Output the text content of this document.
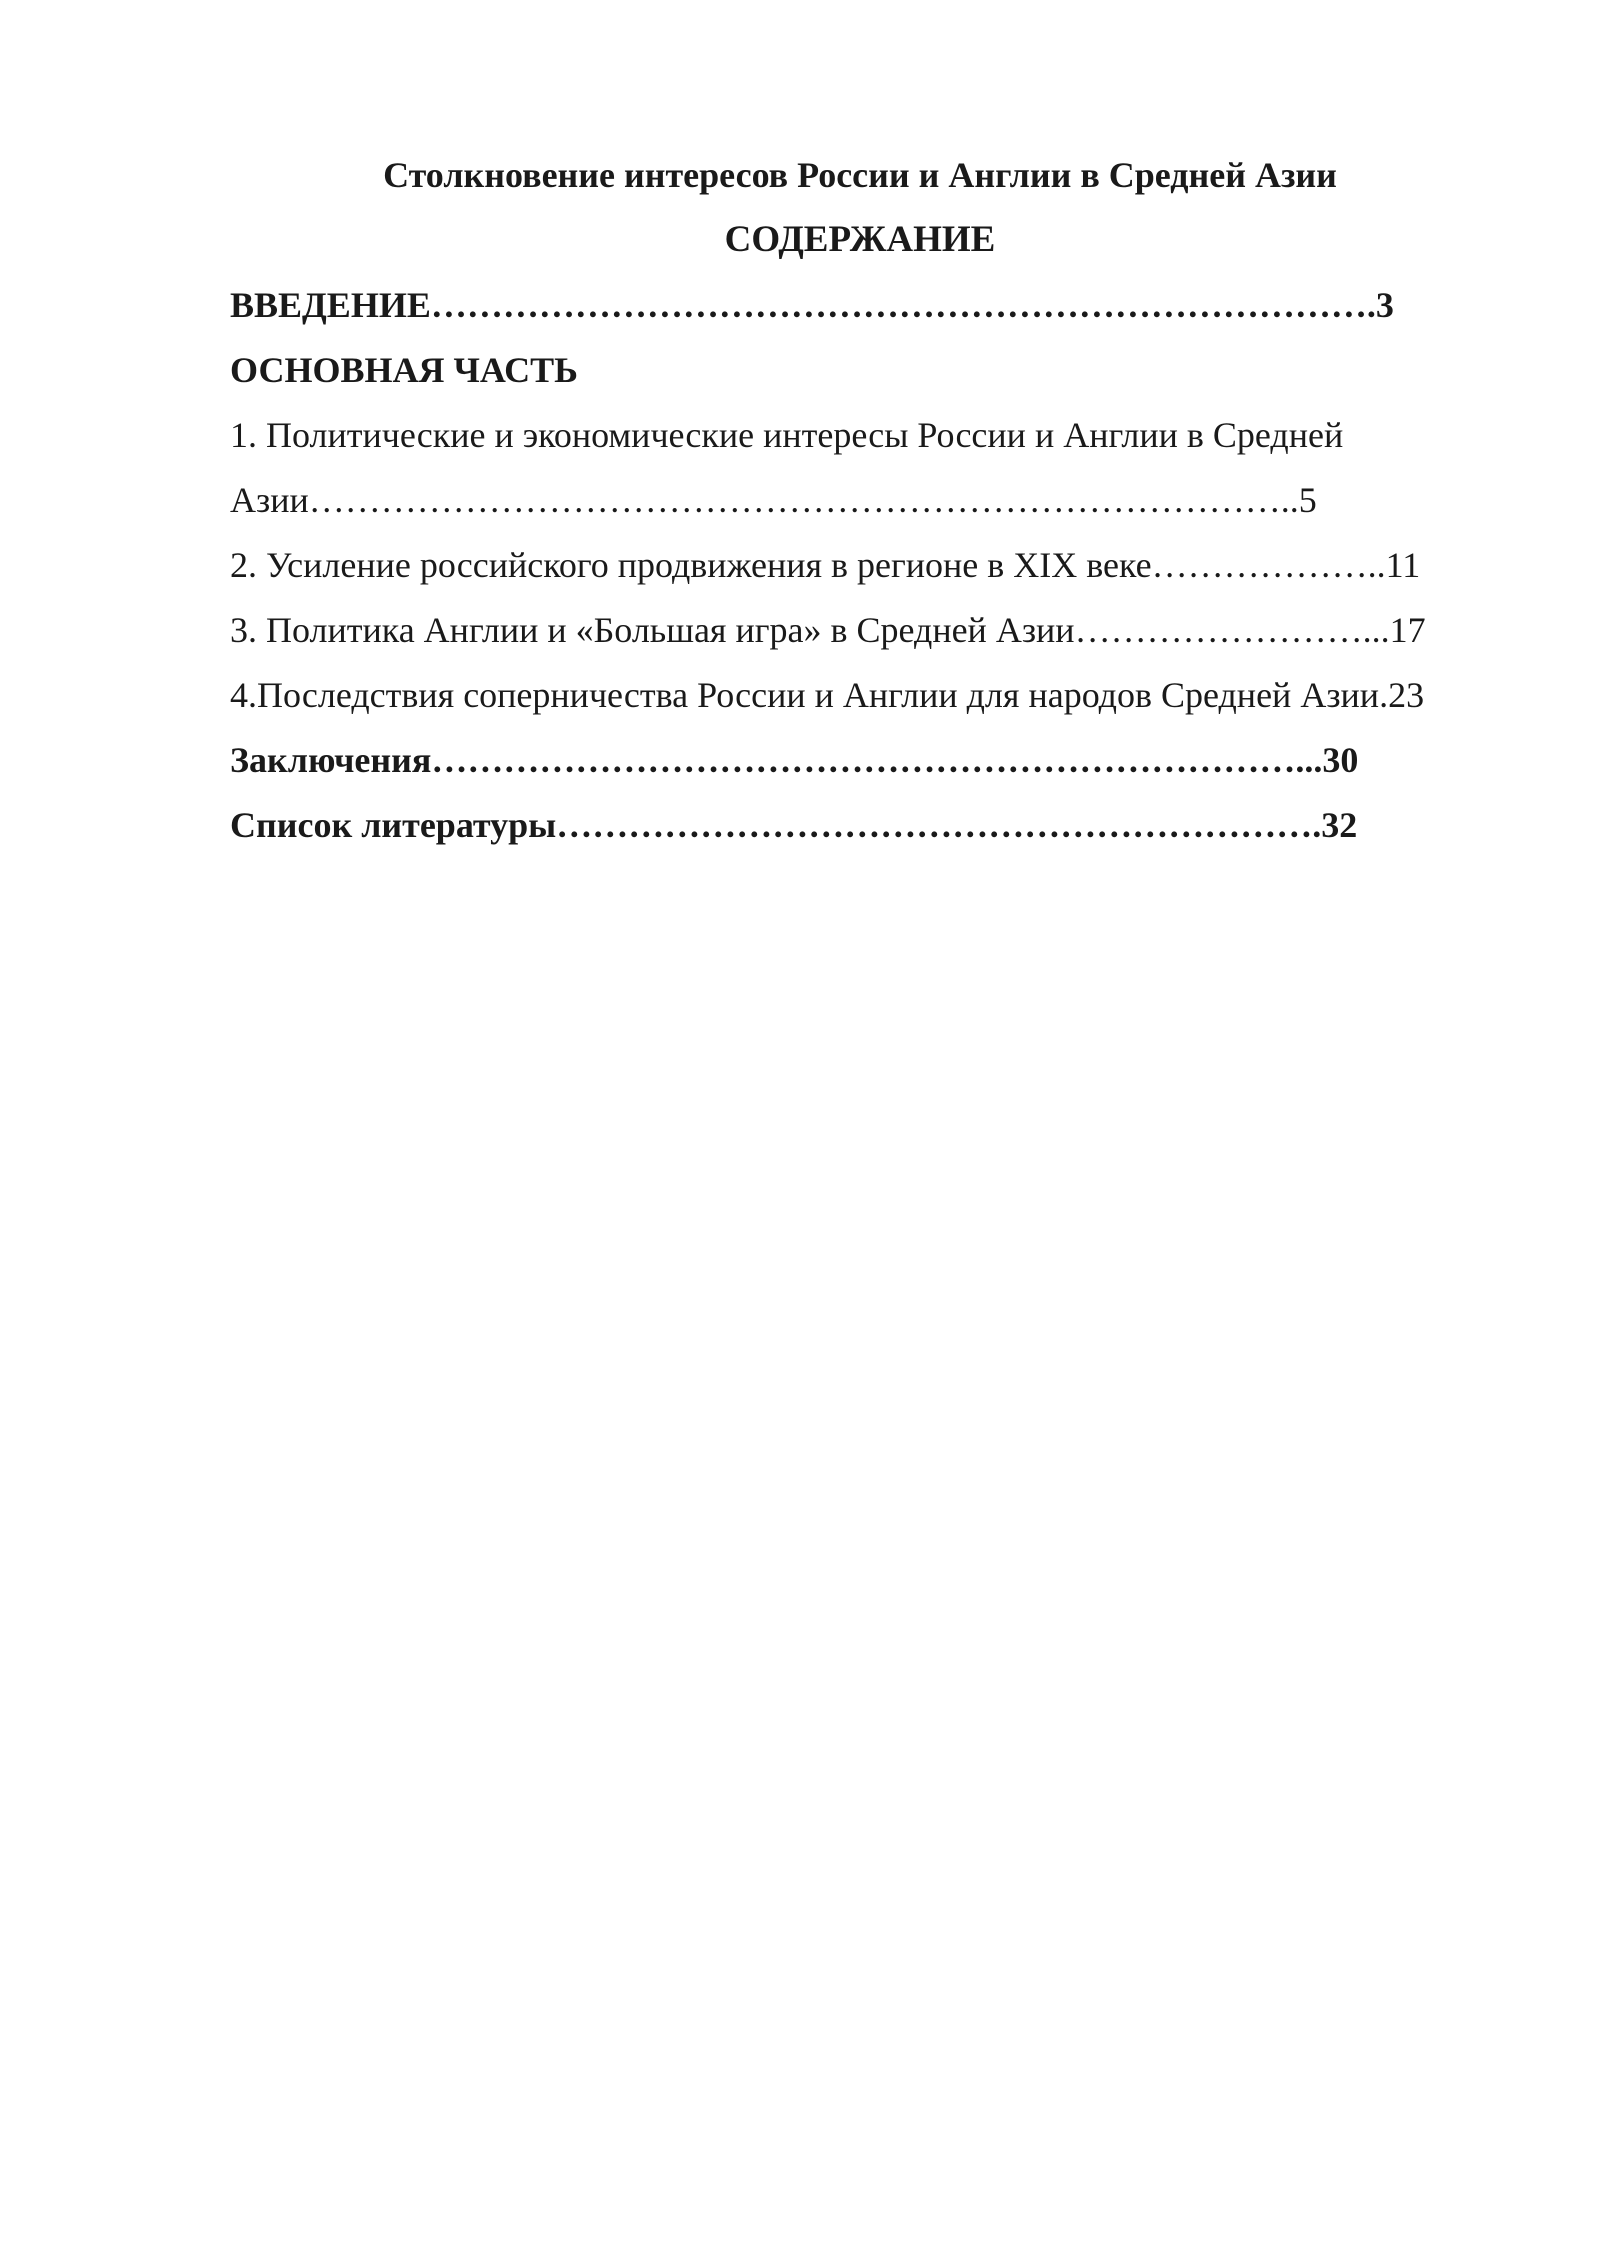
Столкновение интересов России и Англии в Средней Азии
СОДЕРЖАНИЕ
ВВЕДЕНИЕ…………………………………………………………………….3
ОСНОВНАЯ ЧАСТЬ
1. Политические и экономические интересы России и Англии в Средней
Азии………………………………………………………………………..5
2. Усиление российского продвижения в регионе в XIX веке………………..11
3. Политика Англии и «Большая игра» в Средней Азии……………………...17
4.Последствия соперничества России и Англии для народов Средней Азии.23
Заключения………………………………………………………………...30
Список литературы……………………………………………………….32
